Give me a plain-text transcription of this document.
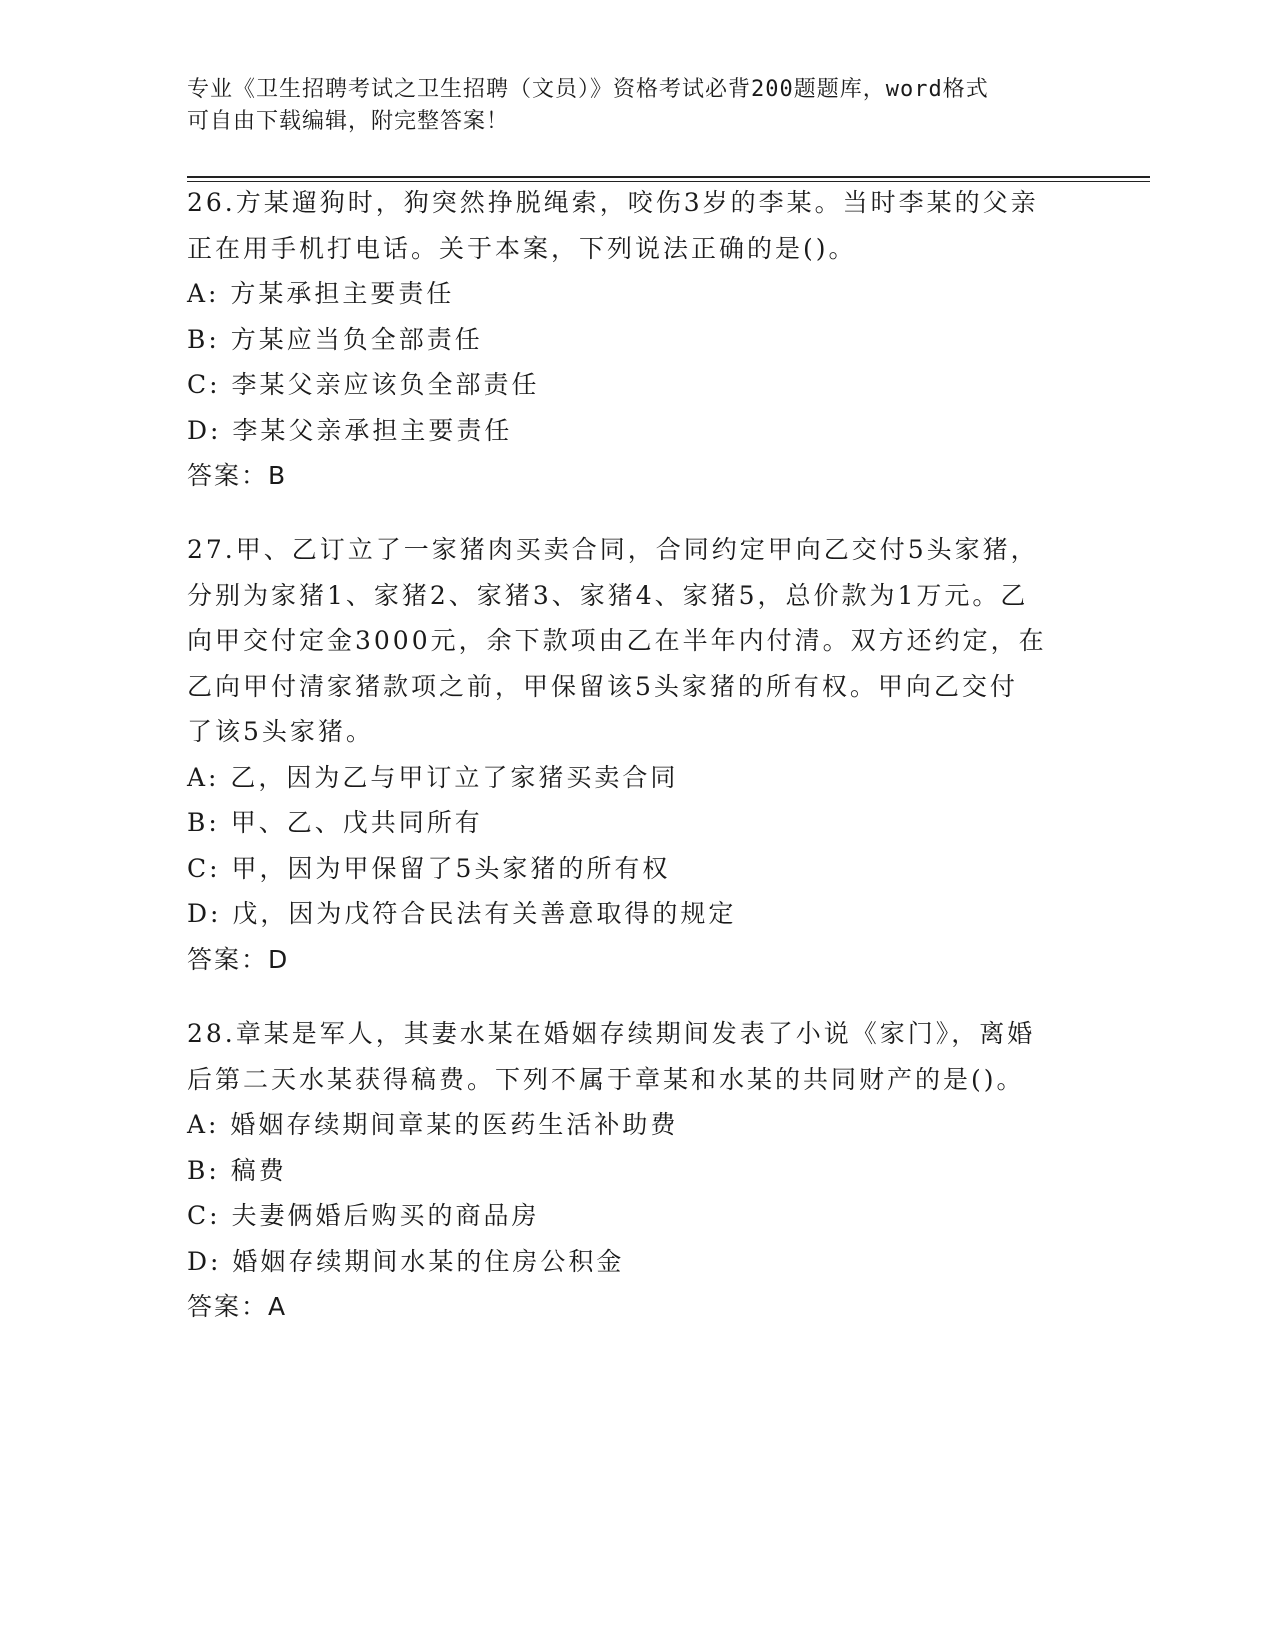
专业《卫生招聘考试之卫生招聘（文员）》资格考试必背200题题库，word格式
可自由下载编辑，附完整答案！
26.方某遛狗时，狗突然挣脱绳索，咬伤3岁的李某。当时李某的父亲
正在用手机打电话。关于本案，下列说法正确的是()。
A: 方某承担主要责任
B: 方某应当负全部责任
C: 李某父亲应该负全部责任
D: 李某父亲承担主要责任
答案：B
27.甲、乙订立了一家猪肉买卖合同，合同约定甲向乙交付5头家猪，
分别为家猪1、家猪2、家猪3、家猪4、家猪5，总价款为1万元。乙
向甲交付定金3000元，余下款项由乙在半年内付清。双方还约定，在
乙向甲付清家猪款项之前，甲保留该5头家猪的所有权。甲向乙交付
了该5头家猪。
A: 乙，因为乙与甲订立了家猪买卖合同
B: 甲、乙、戊共同所有
C: 甲，因为甲保留了5头家猪的所有权
D: 戊，因为戊符合民法有关善意取得的规定
答案：D
28.章某是军人，其妻水某在婚姻存续期间发表了小说《家门》，离婚
后第二天水某获得稿费。下列不属于章某和水某的共同财产的是()。
A: 婚姻存续期间章某的医药生活补助费
B: 稿费
C: 夫妻俩婚后购买的商品房
D: 婚姻存续期间水某的住房公积金
答案：A
